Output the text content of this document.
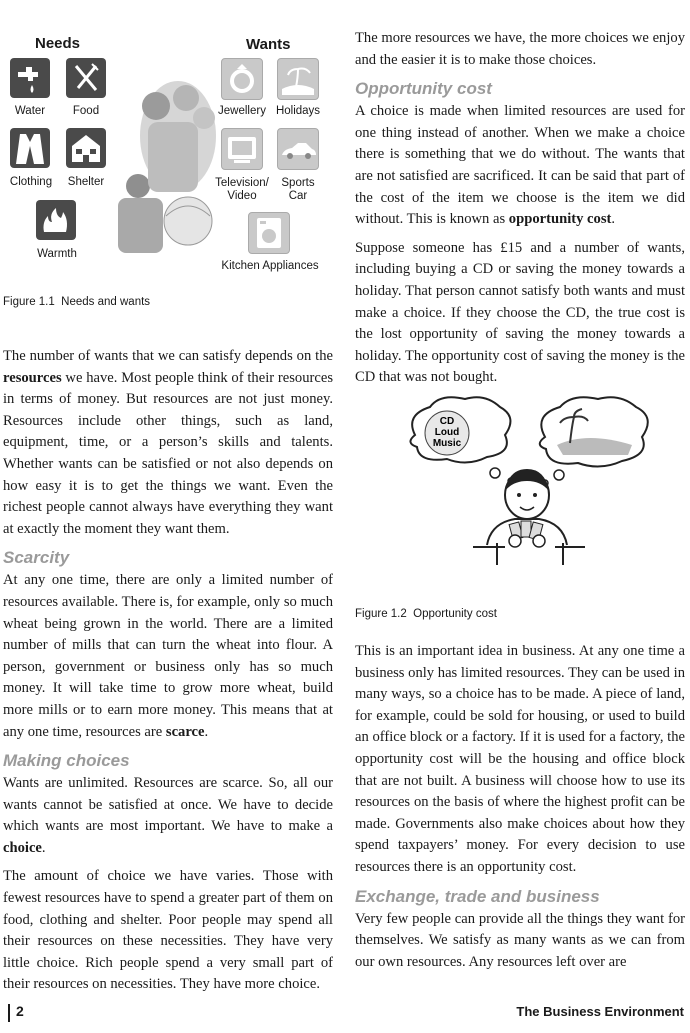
Needs	Wants
Water	Food
Clothing	Shelter
Warmth
Jewellery Holidays
Television/
Video
Sports
Car
Kitchen Appliances
Figure 1.1 Needs and wants

The number of wants that we can satisfy depends on the resources we have. Most people think of their resources in terms of money. But resources are not just money. Resources include other things, such as land, equipment, time, or a person’s skills and talents. Whether wants can be satisfied or not also depends on how easy it is to get the things we want. Even the richest people cannot always have everything they want at exactly the moment they want them.

Scarcity

At any one time, there are only a limited number of resources available. There is, for example, only so much wheat being grown in the world. There are a limited number of mills that can turn the wheat into flour. A person, government or business only has so much money. It will take time to grow more wheat, build more mills or to earn more money. This means that at any one time, resources are scarce.

Making choices

Wants are unlimited. Resources are scarce. So, all our wants cannot be satisfied at once. We have to decide which wants are most important. We have to make a choice.

The amount of choice we have varies. Those with fewest resources have to spend a greater part of them on food, clothing and shelter. Poor people may spend all their resources on these necessities. They have very little choice. Rich people spend a very small part of their resources on necessities. They have more choice.

The more resources we have, the more choices we enjoy and the easier it is to make those choices.

Opportunity cost

A choice is made when limited resources are used for one thing instead of another. When we make a choice there is something that we do without. The wants that are not satisfied are sacrificed. It can be said that part of the cost of the item we choose is the item we did without. This is known as opportunity cost.

Suppose someone has £15 and a number of wants, including buying a CD or saving the money towards a holiday. That person cannot satisfy both wants and must make a choice. If they choose the CD, the true cost is the lost opportunity of saving the money towards a holiday. The opportunity cost of saving the money is the CD that was not bought.

CD
Loud
Music
Figure 1.2 Opportunity cost

This is an important idea in business. At any one time a business only has limited resources. They can be used in many ways, so a choice has to be made. A piece of land, for example, could be sold for housing, or used to build an office block or a factory. If it is used for a factory, the opportunity cost will be the housing and office block that are not built. A business will choose how to use its resources on the basis of where the highest profit can be made. Governments also make choices about how they spend taxpayers’ money. For every decision to use resources there is an opportunity cost.

Exchange, trade and business

Very few people can provide all the things they want for themselves. We satisfy as many wants as we can from our own resources. Any resources left over are

2	The Business Environment
